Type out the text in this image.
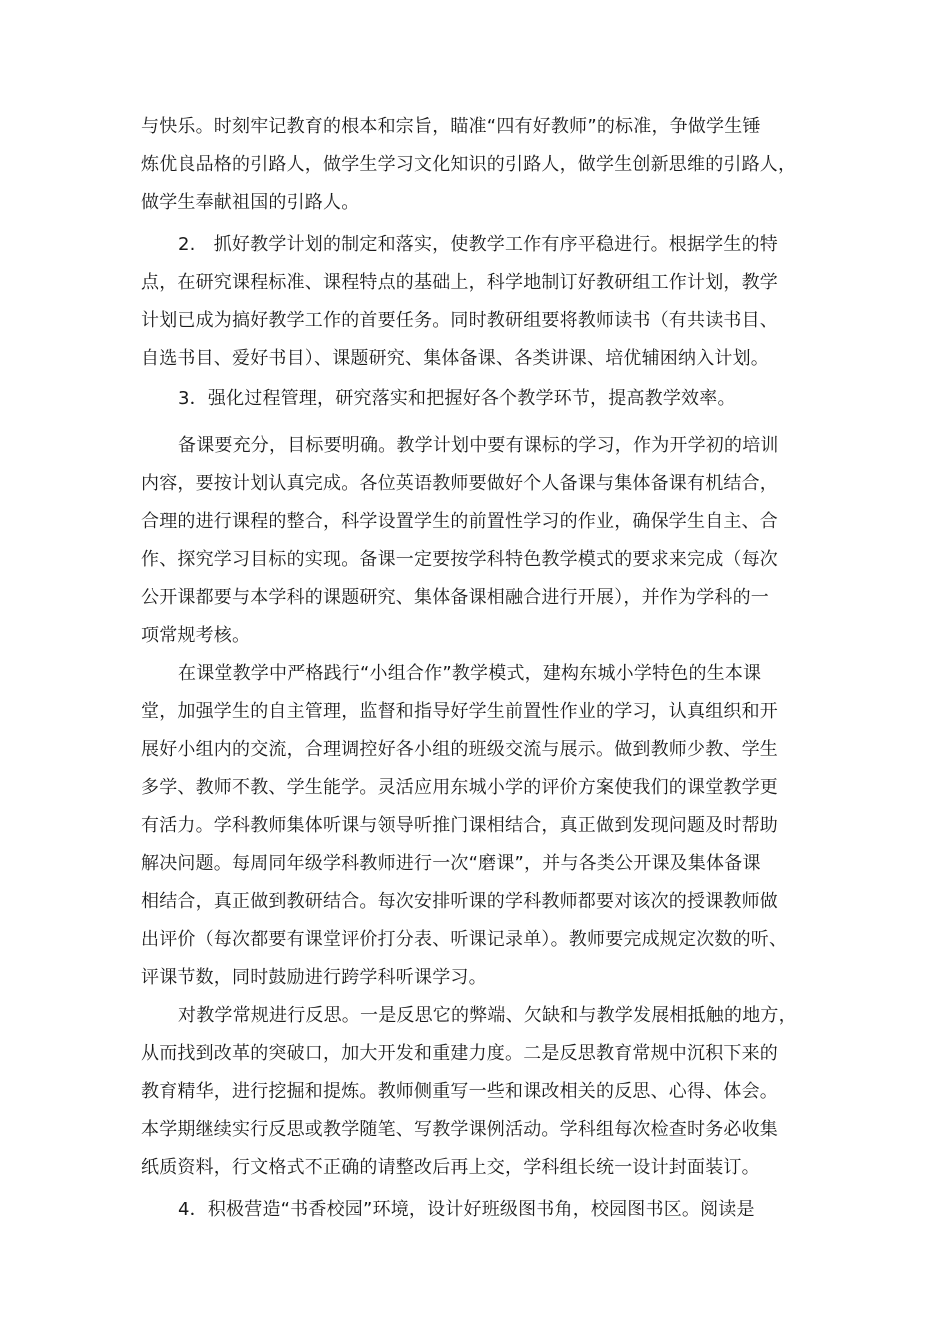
与快乐。时刻牢记教育的根本和宗旨，瞄准“四有好教师”的标准，争做学生锤
炼优良品格的引路人，做学生学习文化知识的引路人，做学生创新思维的引路人，
做学生奉献祖国的引路人。
2.　抓好教学计划的制定和落实，使教学工作有序平稳进行。根据学生的特
点，在研究课程标准、课程特点的基础上，科学地制订好教研组工作计划，教学
计划已成为搞好教学工作的首要任务。同时教研组要将教师读书（有共读书目、
自选书目、爱好书目）、课题研究、集体备课、各类讲课、培优辅困纳入计划。
3．强化过程管理，研究落实和把握好各个教学环节，提高教学效率。
备课要充分，目标要明确。教学计划中要有课标的学习，作为开学初的培训
内容，要按计划认真完成。各位英语教师要做好个人备课与集体备课有机结合，
合理的进行课程的整合，科学设置学生的前置性学习的作业，确保学生自主、合
作、探究学习目标的实现。备课一定要按学科特色教学模式的要求来完成（每次
公开课都要与本学科的课题研究、集体备课相融合进行开展），并作为学科的一
项常规考核。
在课堂教学中严格践行“小组合作”教学模式，建构东城小学特色的生本课
堂，加强学生的自主管理，监督和指导好学生前置性作业的学习，认真组织和开
展好小组内的交流，合理调控好各小组的班级交流与展示。做到教师少教、学生
多学、教师不教、学生能学。灵活应用东城小学的评价方案使我们的课堂教学更
有活力。学科教师集体听课与领导听推门课相结合，真正做到发现问题及时帮助
解决问题。每周同年级学科教师进行一次“磨课”，并与各类公开课及集体备课
相结合，真正做到教研结合。每次安排听课的学科教师都要对该次的授课教师做
出评价（每次都要有课堂评价打分表、听课记录单）。教师要完成规定次数的听、
评课节数，同时鼓励进行跨学科听课学习。
对教学常规进行反思。一是反思它的弊端、欠缺和与教学发展相抵触的地方，
从而找到改革的突破口，加大开发和重建力度。二是反思教育常规中沉积下来的
教育精华，进行挖掘和提炼。教师侧重写一些和课改相关的反思、心得、体会。
本学期继续实行反思或教学随笔、写教学课例活动。学科组每次检查时务必收集
纸质资料，行文格式不正确的请整改后再上交，学科组长统一设计封面装订。
4．积极营造“书香校园”环境，设计好班级图书角，校园图书区。阅读是
